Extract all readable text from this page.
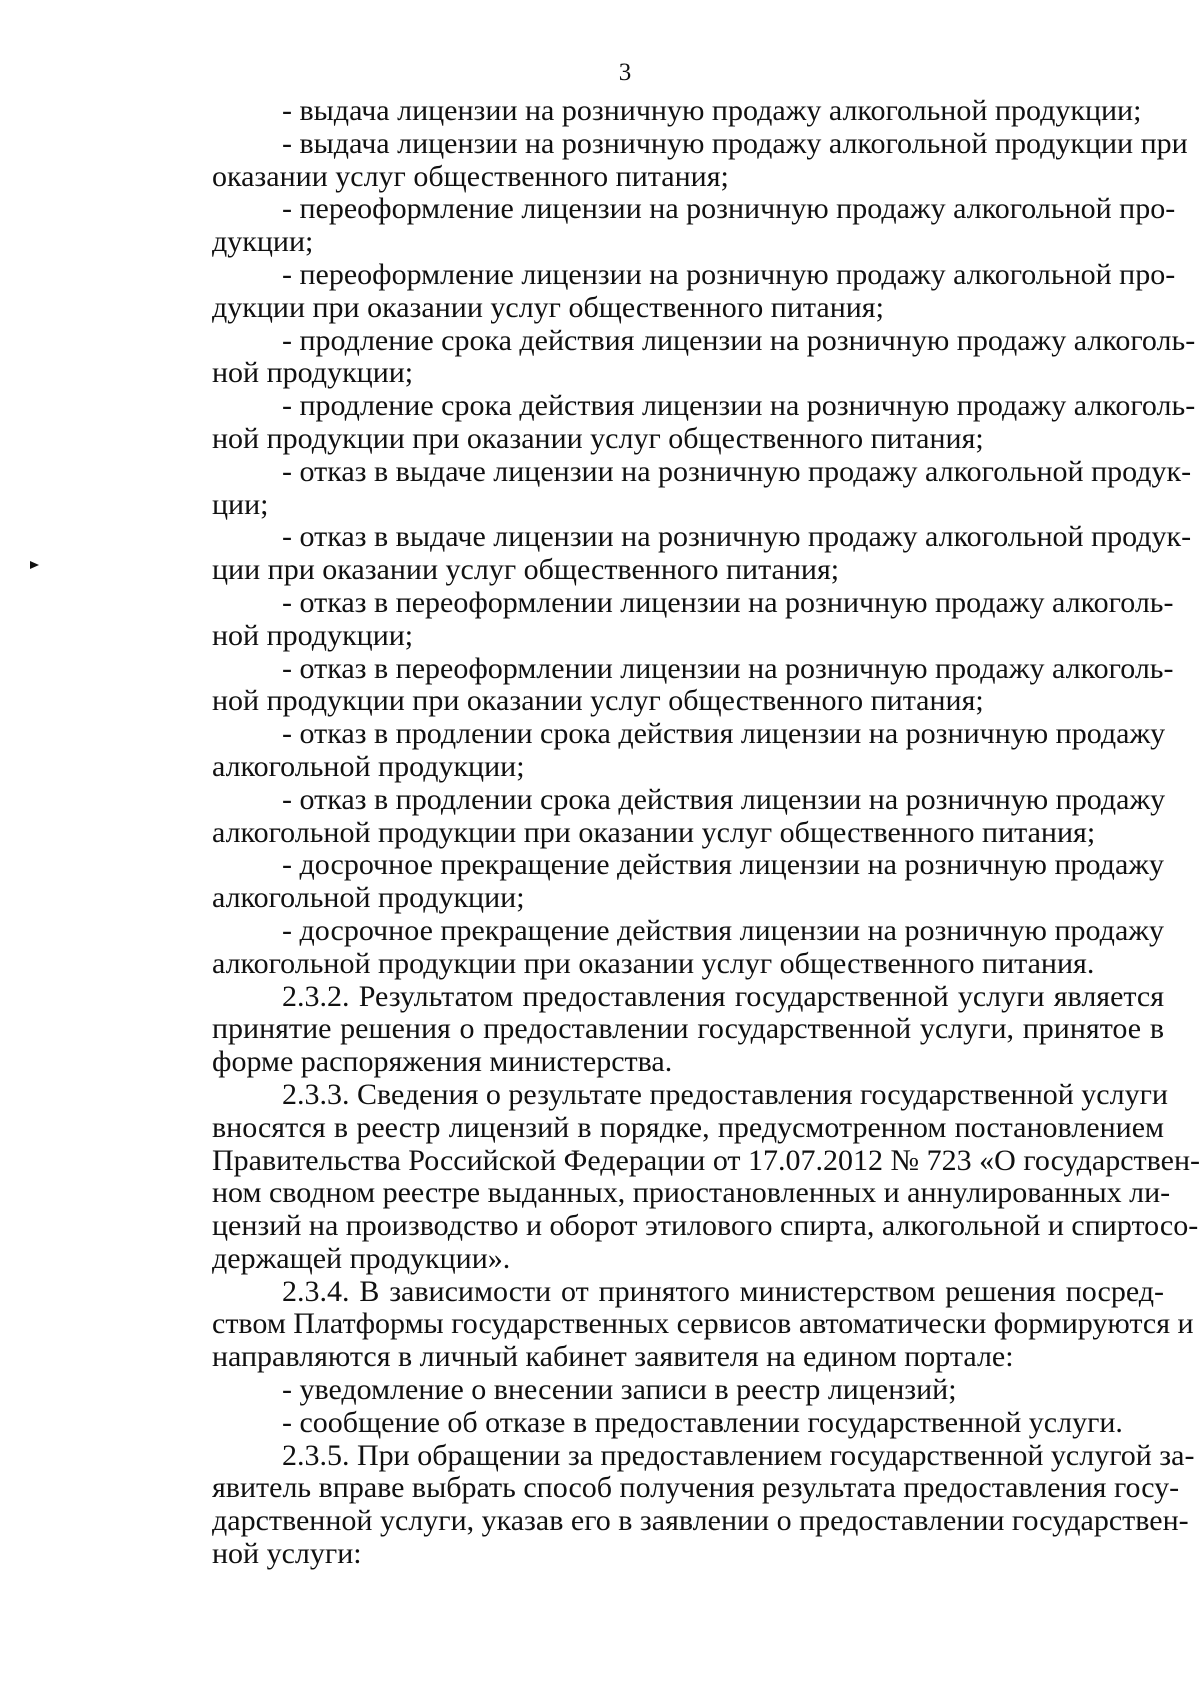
3
- выдача лицензии на розничную продажу алкогольной продукции;
- выдача лицензии на розничную продажу алкогольной продукции при
оказании услуг общественного питания;
- переоформление лицензии на розничную продажу алкогольной про-
дукции;
- переоформление лицензии на розничную продажу алкогольной про-
дукции при оказании услуг общественного питания;
- продление срока действия лицензии на розничную продажу алкоголь-
ной продукции;
- продление срока действия лицензии на розничную продажу алкоголь-
ной продукции при оказании услуг общественного питания;
- отказ в выдаче лицензии на розничную продажу алкогольной продук-
ции;
- отказ в выдаче лицензии на розничную продажу алкогольной продук-
ции при оказании услуг общественного питания;
- отказ в переоформлении лицензии на розничную продажу алкоголь-
ной продукции;
- отказ в переоформлении лицензии на розничную продажу алкоголь-
ной продукции при оказании услуг общественного питания;
- отказ в продлении срока действия лицензии на розничную продажу
алкогольной продукции;
- отказ в продлении срока действия лицензии на розничную продажу
алкогольной продукции при оказании услуг общественного питания;
- досрочное прекращение действия лицензии на розничную продажу
алкогольной продукции;
- досрочное прекращение действия лицензии на розничную продажу
алкогольной продукции при оказании услуг общественного питания.
2.3.2. Результатом предоставления государственной услуги является
принятие решения о предоставлении государственной услуги, принятое в
форме распоряжения министерства.
2.3.3. Сведения о результате предоставления государственной услуги
вносятся в реестр лицензий в порядке, предусмотренном постановлением
Правительства Российской Федерации от 17.07.2012 № 723 «О государствен-
ном сводном реестре выданных, приостановленных и аннулированных ли-
цензий на производство и оборот этилового спирта, алкогольной и спиртосо-
держащей продукции».
2.3.4. В зависимости от принятого министерством решения посред-
ством Платформы государственных сервисов автоматически формируются и
направляются в личный кабинет заявителя на едином портале:
- уведомление о внесении записи в реестр лицензий;
- сообщение об отказе в предоставлении государственной услуги.
2.3.5. При обращении за предоставлением государственной услугой за-
явитель вправе выбрать способ получения результата предоставления госу-
дарственной услуги, указав его в заявлении о предоставлении государствен-
ной услуги:
